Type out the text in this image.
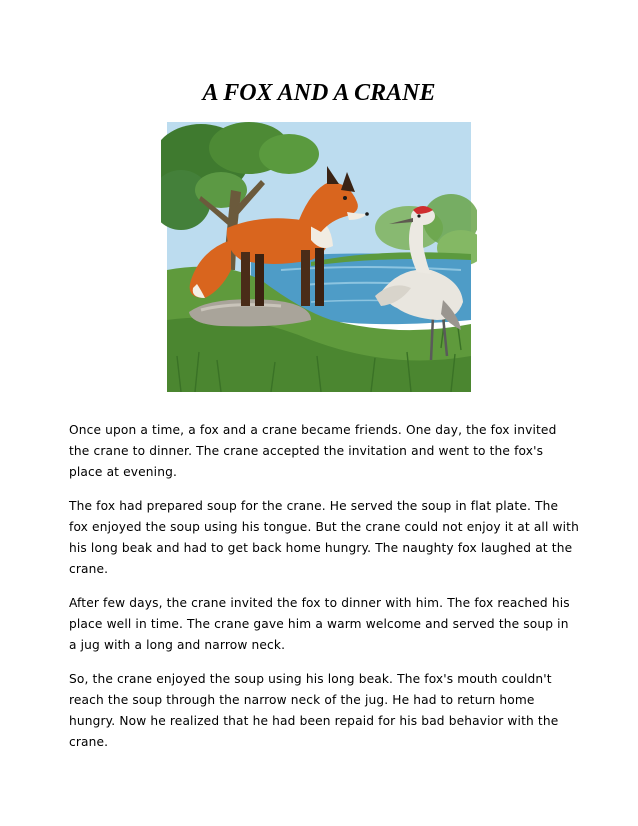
A FOX AND A CRANE

Once upon a time, a fox and a crane became friends. One day, the fox invited the crane to dinner. The crane accepted the invitation and went to the fox's place at evening.

The fox had prepared soup for the crane. He served the soup in flat plate. The fox enjoyed the soup using his tongue. But the crane could not enjoy it at all with his long beak and had to get back home hungry. The naughty fox laughed at the crane.

After few days, the crane invited the fox to dinner with him. The fox reached his place well in time. The crane gave him a warm welcome and served the soup in a jug with a long and narrow neck.

So, the crane enjoyed the soup using his long beak. The fox's mouth couldn't reach the soup through the narrow neck of the jug. He had to return home hungry. Now he realized that he had been repaid for his bad behavior with the crane.
